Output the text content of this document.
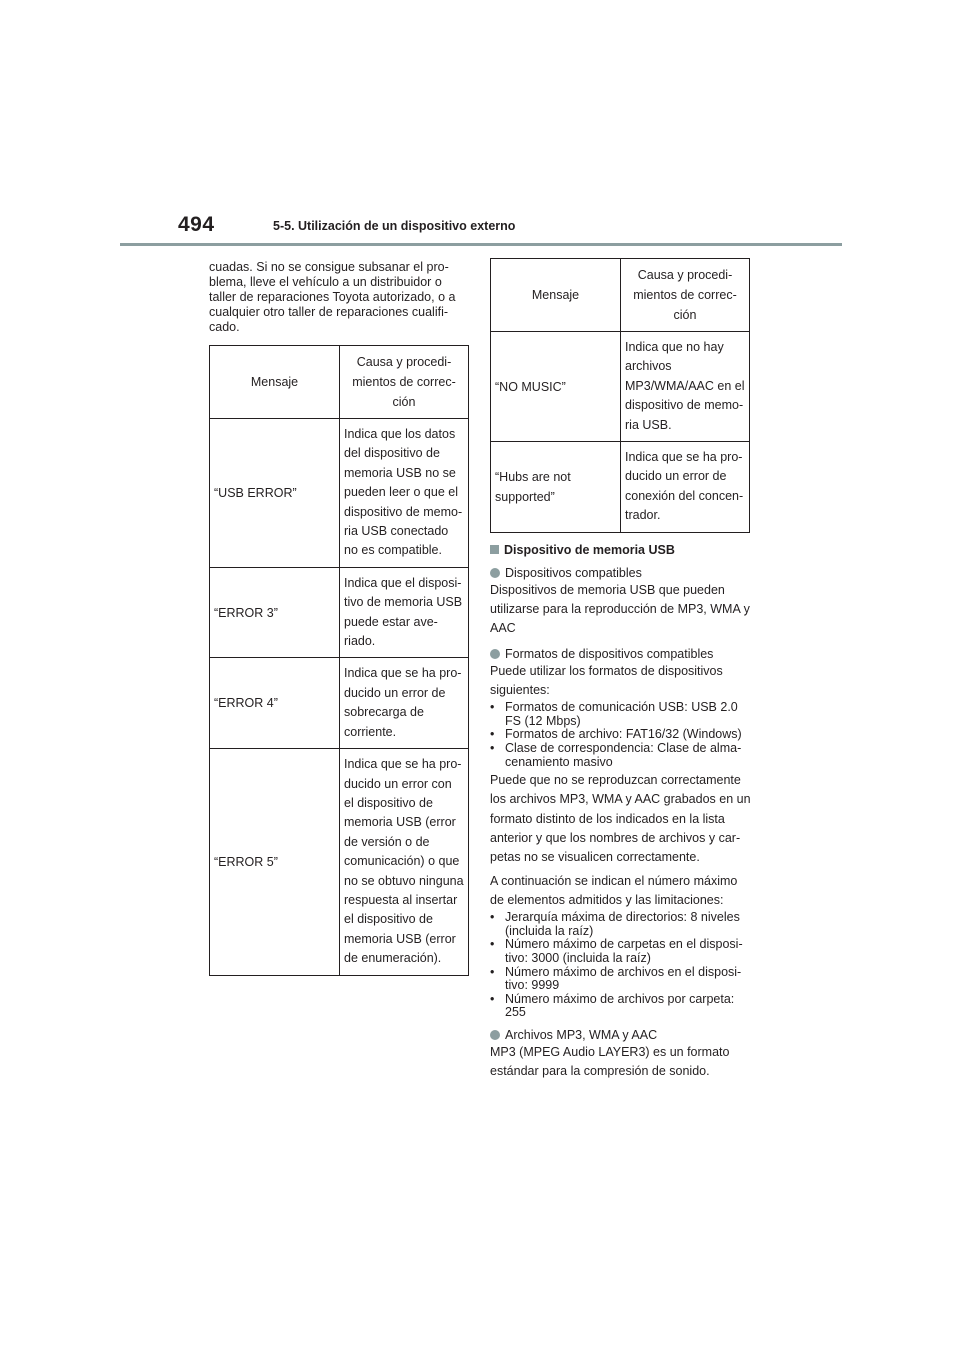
494	5-5. Utilización de un dispositivo externo

cuadas. Si no se consigue subsanar el pro-blema, lleve el vehículo a un distribuidor o taller de reparaciones Toyota autorizado, o a cualquier otro taller de reparaciones cualifi-cado.

Mensaje	Causa y procedi-mientos de correc-ción
“USB ERROR”	Indica que los datos del dispositivo de memoria USB no se pueden leer o que el dispositivo de memo-ria USB conectado no es compatible.
“ERROR 3”	Indica que el disposi-tivo de memoria USB puede estar ave-riado.
“ERROR 4”	Indica que se ha pro-ducido un error de sobrecarga de corriente.
“ERROR 5”	Indica que se ha pro-ducido un error con el dispositivo de memoria USB (error de versión o de comunicación) o que no se obtuvo ninguna respuesta al insertar el dispositivo de memoria USB (error de enumeración).
Mensaje	Causa y procedi-mientos de correc-ción
“NO MUSIC”	Indica que no hay archivos MP3/WMA/AAC en el dispositivo de memo-ria USB.
“Hubs are not supported”	Indica que se ha pro-ducido un error de conexión del concen-trador.
Dispositivo de memoria USB
Dispositivos compatibles

Dispositivos de memoria USB que pueden utilizarse para la reproducción de MP3, WMA y AAC

Formatos de dispositivos compatibles

Puede utilizar los formatos de dispositivos siguientes:

• Formatos de comunicación USB: USB 2.0 FS (12 Mbps)
• Formatos de archivo: FAT16/32 (Windows)
• Clase de correspondencia: Clase de alma-cenamiento masivo

Puede que no se reproduzcan correctamente los archivos MP3, WMA y AAC grabados en un formato distinto de los indicados en la lista anterior y que los nombres de archivos y car-petas no se visualicen correctamente.

A continuación se indican el número máximo de elementos admitidos y las limitaciones:

• Jerarquía máxima de directorios: 8 niveles (incluida la raíz)
• Número máximo de carpetas en el disposi-tivo: 3000 (incluida la raíz)
• Número máximo de archivos en el disposi-tivo: 9999
• Número máximo de archivos por carpeta: 255
Archivos MP3, WMA y AAC

MP3 (MPEG Audio LAYER3) es un formato estándar para la compresión de sonido.
